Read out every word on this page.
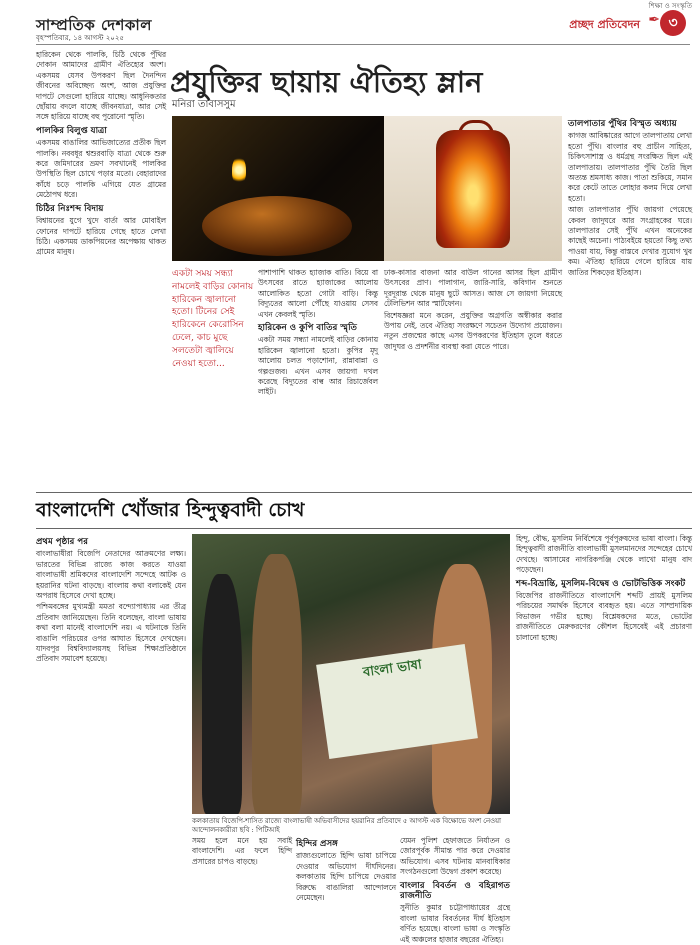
শিক্ষা ও সংস্কৃতি
সাম্প্রতিক দেশকাল
বৃহস্পতিবার, ১৪ আগস্ট ২০২৫
প্রচ্ছদ প্রতিবেদন ✒ ৩

হারিকেন থেকে পালকি, চিঠি থেকে পুঁথির দোকান আমাদের গ্রামীণ ঐতিহ্যের অংশ। একসময় যেসব উপকরণ ছিল দৈনন্দিন জীবনের অবিচ্ছেদ্য অংশ, আজ প্রযুক্তির দাপটে সেগুলো হারিয়ে যাচ্ছে। আধুনিকতার ছোঁয়ায় বদলে যাচ্ছে জীবনযাত্রা, আর সেই সঙ্গে হারিয়ে যাচ্ছে বহু পুরোনো স্মৃতি।

পালকির বিলুপ্ত যাত্রা

একসময় বাঙালির আভিজাত্যের প্রতীক ছিল পালকি। নববধূর শ্বশুরবাড়ি যাত্রা থেকে শুরু করে জমিদারের ভ্রমণ সবখানেই পালকির উপস্থিতি ছিল চোখে পড়ার মতো। বেহারাদের কাঁধে চড়ে পালকি এগিয়ে যেত গ্রামের মেঠোপথ ধরে।

চিঠির নিঃশব্দ বিদায়

বিশ্বায়নের যুগে খুদে বার্তা আর মোবাইল ফোনের দাপটে হারিয়ে গেছে হাতে লেখা চিঠি। একসময় ডাকপিয়নের অপেক্ষায় থাকত গ্রামের মানুষ।

প্রযুক্তির ছায়ায় ঐতিহ্য ম্লান
মনিরা তাবাসসুম
একটা সময় সন্ধ্যা নামলেই বাড়ির কোনায় হারিকেন জ্বালানো হতো। টিনের সেই হারিকেনে কেরোসিন ঢেলে, কাচ মুছে সলতেটা জ্বালিয়ে নেওয়া হতো...

পাশাপাশি থাকত হ্যাজাক বাতি। বিয়ে বা উৎসবের রাতে হ্যাজাকের আলোয় আলোকিত হতো গোটা বাড়ি। কিন্তু বিদ্যুতের আলো পৌঁছে যাওয়ায় সেসব এখন কেবলই স্মৃতি।

হারিকেন ও কুপি বাতির স্মৃতি

একটা সময় সন্ধ্যা নামলেই বাড়ির কোনায় হারিকেন জ্বালানো হতো। কুপির মৃদু আলোয় চলত পড়াশোনা, রান্নাবান্না ও গল্পগুজব। এখন এসব জায়গা দখল করেছে বিদ্যুতের বাল্ব আর রিচার্জেবল লাইট।

ঢাক-কাসার বাজনা আর বাউল গানের আসর ছিল গ্রামীণ উৎসবের প্রাণ। পালাগান, জারি-সারি, কবিগান শুনতে দূরদূরান্ত থেকে মানুষ ছুটে আসত। আজ সে জায়গা নিয়েছে টেলিভিশন আর স্মার্টফোন।

বিশেষজ্ঞরা মনে করেন, প্রযুক্তির অগ্রগতি অস্বীকার করার উপায় নেই, তবে ঐতিহ্য সংরক্ষণে সচেতন উদ্যোগ প্রয়োজন। নতুন প্রজন্মের কাছে এসব উপকরণের ইতিহাস তুলে ধরতে জাদুঘর ও প্রদর্শনীর ব্যবস্থা করা যেতে পারে।

তালপাতার পুঁথির বিস্মৃত অধ্যায়

কাগজ আবিষ্কারের আগে তালপাতায় লেখা হতো পুঁথি। বাংলার বহু প্রাচীন সাহিত্য, চিকিৎসাশাস্ত্র ও ধর্মগ্রন্থ সংরক্ষিত ছিল এই তালপাতায়। তালপাতার পুঁথি তৈরি ছিল অত্যন্ত শ্রমসাধ্য কাজ। পাতা শুকিয়ে, সমান করে কেটে তাতে লোহার কলম দিয়ে লেখা হতো।

আজ তালপাতার পুঁথি জায়গা পেয়েছে কেবল জাদুঘরে আর সংগ্রাহকের ঘরে। তালপাতার সেই পুঁথি এখন অনেকের কাছেই অচেনা। পাঠ্যবইয়ে হয়তো কিছু তথ্য পাওয়া যায়, কিন্তু বাস্তবে দেখার সুযোগ খুব কম। ঐতিহ্য হারিয়ে গেলে হারিয়ে যায় জাতির শিকড়ের ইতিহাস।

বাংলাদেশি খোঁজার হিন্দুত্ববাদী চোখ
প্রথম পৃষ্ঠার পর

বাংলাভাষীরা বিজেপি নেতাদের আক্রমণের লক্ষ্য। ভারতের বিভিন্ন রাজ্যে কাজ করতে যাওয়া বাংলাভাষী শ্রমিকদের বাংলাদেশি সন্দেহে আটক ও হয়রানির ঘটনা বাড়ছে। বাংলায় কথা বলাকেই যেন অপরাধ হিসেবে দেখা হচ্ছে।

পশ্চিমবঙ্গের মুখ্যমন্ত্রী মমতা বন্দ্যোপাধ্যায় এর তীব্র প্রতিবাদ জানিয়েছেন। তিনি বলেছেন, বাংলা ভাষায় কথা বলা মানেই বাংলাদেশি নয়। এ ঘটনাকে তিনি বাঙালি পরিচয়ের ওপর আঘাত হিসেবে দেখছেন। যাদবপুর বিশ্ববিদ্যালয়সহ বিভিন্ন শিক্ষাপ্রতিষ্ঠানে প্রতিবাদ সমাবেশ হয়েছে।	বাংলা ভাষা
কলকাতায় বিজেপি-শাসিত রাজ্যে বাংলাভাষী অভিবাসীদের হয়রানির প্রতিবাদে ৫ আগস্ট এক বিক্ষোভে অংশ নেওয়া আন্দোলনকারীরা ছবি : পিটিআই

সময় হলে মনে হয় সবাই বাংলাদেশি। এর ফলে হিন্দি প্রসারের চাপও বাড়ছে।

হিন্দির প্রসঙ্গ

রাজ্যগুলোতে হিন্দি ভাষা চাপিয়ে দেওয়ার অভিযোগ দীর্ঘদিনের। কলকাতায় হিন্দি চাপিয়ে দেওয়ার বিরুদ্ধে বাঙালিরা আন্দোলনে নেমেছেন।

যেমন পুলিশ হেফাজতে নির্যাতন ও জোরপূর্বক সীমান্ত পার করে দেওয়ার অভিযোগ। এসব ঘটনায় মানবাধিকার সংগঠনগুলো উদ্বেগ প্রকাশ করেছে।

বাংলার বিবর্তন ও বহিরাগত রাজনীতি

সুনীতি কুমার চট্টোপাধ্যায়ের গ্রন্থে বাংলা ভাষার বিবর্তনের দীর্ঘ ইতিহাস বর্ণিত হয়েছে। বাংলা ভাষা ও সংস্কৃতি এই অঞ্চলের হাজার বছরের ঐতিহ্য।

হিন্দু, বৌদ্ধ, মুসলিম নির্বিশেষে পূর্বপুরুষদের ভাষা বাংলা। কিন্তু হিন্দুত্ববাদী রাজনীতি বাংলাভাষী মুসলমানদের সন্দেহের চোখে দেখছে। আসামের নাগরিকপঞ্জি থেকে লাখো মানুষ বাদ পড়েছেন।

শব্দ-বিভ্রান্তি, মুসলিম-বিদ্বেষ ও ভোটভিত্তিক সংকট

বিজেপির রাজনীতিতে বাংলাদেশি শব্দটি প্রায়ই মুসলিম পরিচয়ের সমার্থক হিসেবে ব্যবহৃত হয়। এতে সাম্প্রদায়িক বিভাজন গভীর হচ্ছে। বিশ্লেষকদের মতে, ভোটের রাজনীতিতে মেরুকরণের কৌশল হিসেবেই এই প্রচারণা চালানো হচ্ছে।
